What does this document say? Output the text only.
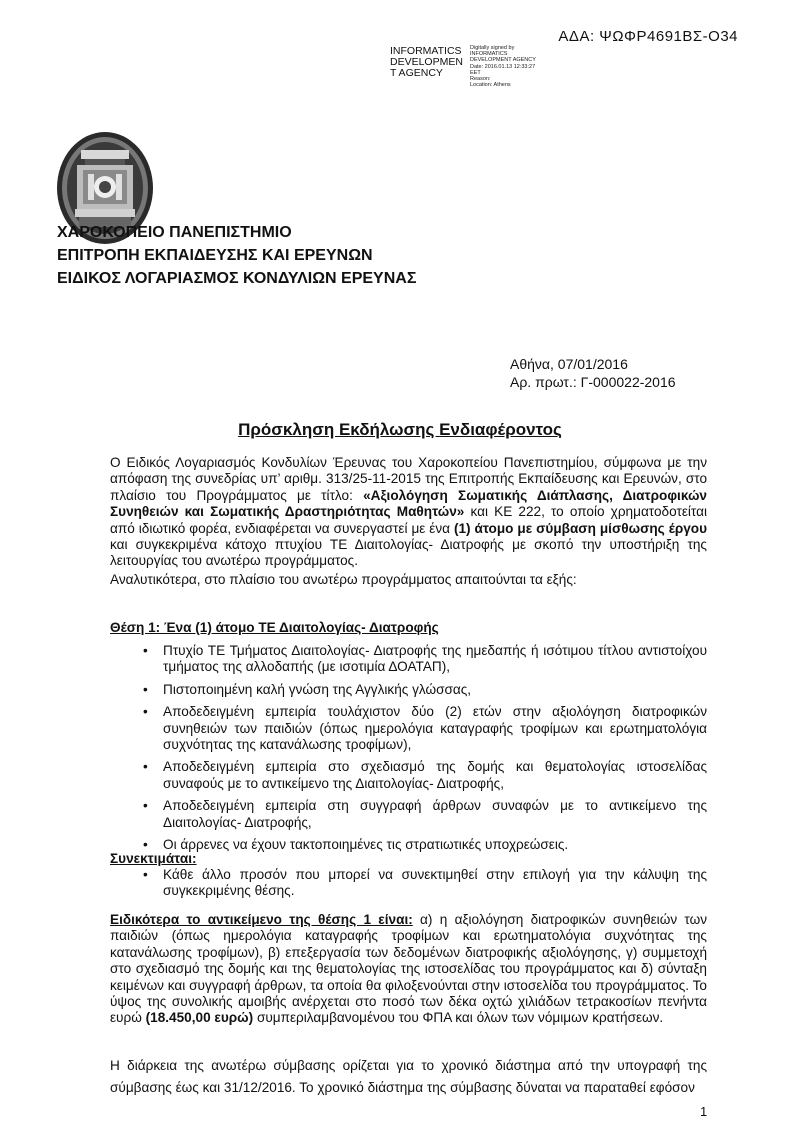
ΑΔΑ: ΨΩΦΡ4691ΒΣ-Ο34
INFORMATICS DEVELOPMEN T AGENCY
Digitally signed by
INFORMATICS
DEVELOPMENT AGENCY
Date: 2016.01.13 12:33:27
EET
Reason:
Location: Athens
ΧΑΡΟΚΟΠΕΙΟ ΠΑΝΕΠΙΣΤΗΜΙΟ
ΕΠΙΤΡΟΠΗ ΕΚΠΑΙΔΕΥΣΗΣ ΚΑΙ ΕΡΕΥΝΩΝ
ΕΙΔΙΚΟΣ ΛΟΓΑΡΙΑΣΜΟΣ ΚΟΝΔΥΛΙΩΝ ΕΡΕΥΝΑΣ
Αθήνα, 07/01/2016
Αρ. πρωτ.: Γ-000022-2016
Πρόσκληση Εκδήλωσης Ενδιαφέροντος
Ο Ειδικός Λογαριασμός Κονδυλίων Έρευνας του Χαροκοπείου Πανεπιστημίου, σύμφωνα με την απόφαση της συνεδρίας υπ’ αριθμ. 313/25-11-2015 της Επιτροπής Εκπαίδευσης και Ερευνών, στο πλαίσιο του Προγράμματος με τίτλο: «Αξιολόγηση Σωματικής Διάπλασης, Διατροφικών Συνηθειών και Σωματικής Δραστηριότητας Μαθητών» και ΚΕ 222, το οποίο χρηματοδοτείται από ιδιωτικό φορέα, ενδιαφέρεται να συνεργαστεί με ένα (1) άτομο με σύμβαση μίσθωσης έργου και συγκεκριμένα κάτοχο πτυχίου ΤΕ Διαιτολογίας- Διατροφής με σκοπό την υποστήριξη της λειτουργίας του ανωτέρω προγράμματος.
Αναλυτικότερα, στο πλαίσιο του ανωτέρω προγράμματος απαιτούνται τα εξής:
Θέση 1: Ένα (1) άτομο ΤΕ Διαιτολογίας- Διατροφής
• Πτυχίο ΤΕ Τμήματος Διαιτολογίας- Διατροφής της ημεδαπής ή ισότιμου τίτλου αντιστοίχου τμήματος της αλλοδαπής (με ισοτιμία ΔΟΑΤΑΠ),
• Πιστοποιημένη καλή γνώση της Αγγλικής γλώσσας,
• Αποδεδειγμένη εμπειρία τουλάχιστον δύο (2) ετών στην αξιολόγηση διατροφικών συνηθειών των παιδιών (όπως ημερολόγια καταγραφής τροφίμων και ερωτηματολόγια συχνότητας της κατανάλωσης τροφίμων),
• Αποδεδειγμένη εμπειρία στο σχεδιασμό της δομής και θεματολογίας ιστοσελίδας συναφούς με το αντικείμενο της Διαιτολογίας- Διατροφής,
• Αποδεδειγμένη εμπειρία στη συγγραφή άρθρων συναφών με το αντικείμενο της Διαιτολογίας- Διατροφής,
• Οι άρρενες να έχουν τακτοποιημένες τις στρατιωτικές υποχρεώσεις.
Συνεκτιμάται:
• Κάθε άλλο προσόν που μπορεί να συνεκτιμηθεί στην επιλογή για την κάλυψη της συγκεκριμένης θέσης.
Ειδικότερα το αντικείμενο της θέσης 1 είναι: α) η αξιολόγηση διατροφικών συνηθειών των παιδιών (όπως ημερολόγια καταγραφής τροφίμων και ερωτηματολόγια συχνότητας της κατανάλωσης τροφίμων), β) επεξεργασία των δεδομένων διατροφικής αξιολόγησης, γ) συμμετοχή στο σχεδιασμό της δομής και της θεματολογίας της ιστοσελίδας του προγράμματος και δ) σύνταξη κειμένων και συγγραφή άρθρων, τα οποία θα φιλοξενούνται στην ιστοσελίδα του προγράμματος. Το ύψος της συνολικής αμοιβής ανέρχεται στο ποσό των δέκα οχτώ χιλιάδων τετρακοσίων πενήντα ευρώ (18.450,00 ευρώ) συμπεριλαμβανομένου του ΦΠΑ και όλων των νόμιμων κρατήσεων.
Η διάρκεια της ανωτέρω σύμβασης ορίζεται για το χρονικό διάστημα από την υπογραφή της σύμβασης έως και 31/12/2016. Το χρονικό διάστημα της σύμβασης δύναται να παραταθεί εφόσον
1
